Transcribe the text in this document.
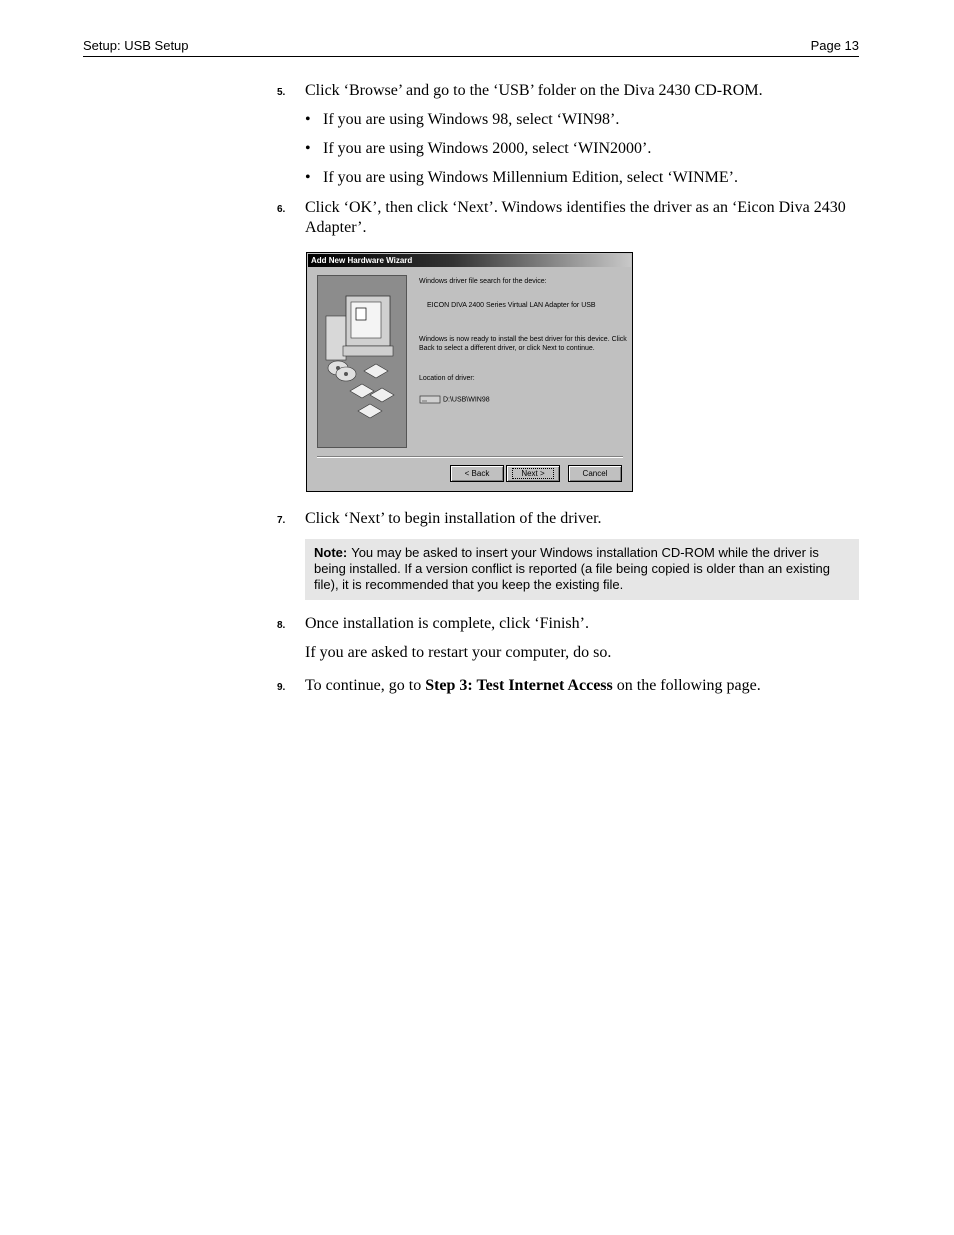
Setup: USB Setup	Page 13
5.	Click ‘Browse’ and go to the ‘USB’ folder on the Diva 2430 CD-ROM.
• If you are using Windows 98, select ‘WIN98’.
• If you are using Windows 2000, select ‘WIN2000’.
• If you are using Windows Millennium Edition, select ‘WINME’.
6.	Click ‘OK’, then click ‘Next’. Windows identifies the driver as an ‘Eicon Diva 2430 Adapter’.
Add New Hardware Wizard
Windows driver file search for the device:
EICON DIVA 2400 Series Virtual LAN Adapter for USB
Windows is now ready to install the best driver for this device. Click Back to select a different driver, or click Next to continue.
Location of driver:
D:\USB\WIN98
< Back	Next >	Cancel
7.	Click ‘Next’ to begin installation of the driver.
Note: You may be asked to insert your Windows installation CD-ROM while the driver is being installed. If a version conflict is reported (a file being copied is older than an existing file), it is recommended that you keep the existing file.
8.	Once installation is complete, click ‘Finish’.
If you are asked to restart your computer, do so.
9.	To continue, go to Step 3: Test Internet Access on the following page.
